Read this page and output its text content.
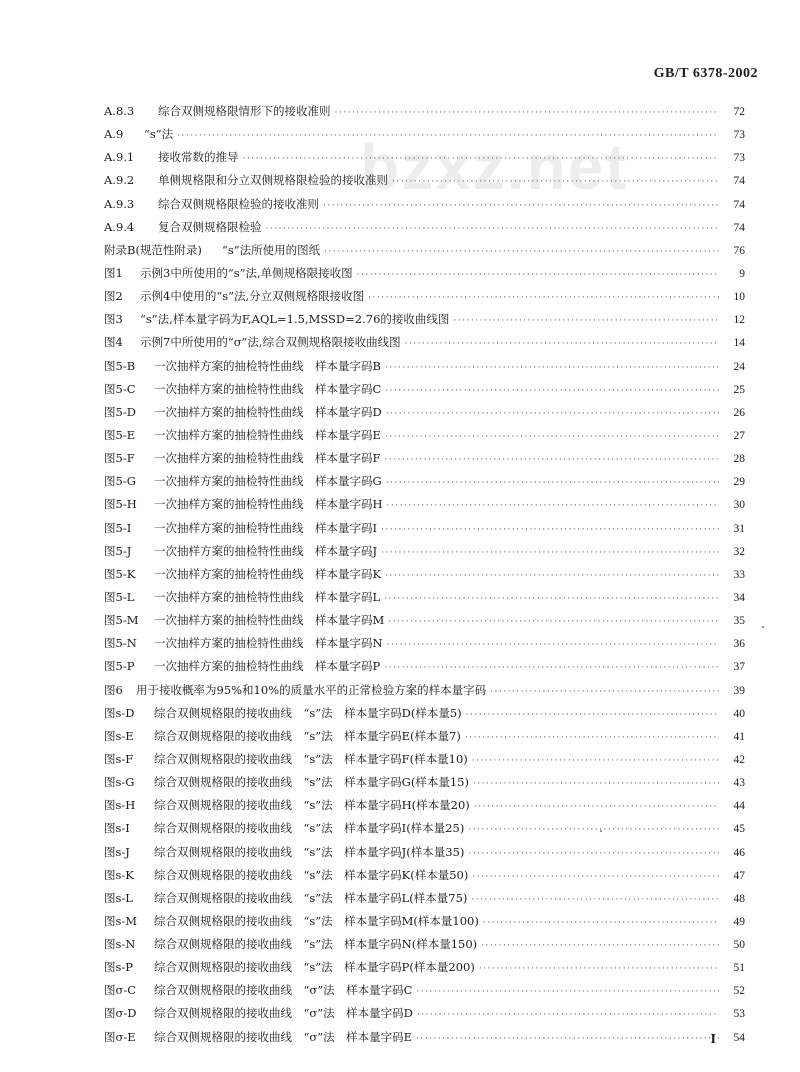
bzxz.net
GB/T 6378-2002
A.8.3	综合双侧规格限情形下的接收准则 ·····	72
A.9	“s”法 ·····	73
A.9.1	接收常数的推导 ·····	73
A.9.2	单侧规格限和分立双侧规格限检验的接收准则 ·····	74
A.9.3	综合双侧规格限检验的接收准则 ·····	74
A.9.4	复合双侧规格限检验 ·····	74
附录B(规范性附录)	“s”法所使用的图纸 ·····	76
图1	示例3中所使用的“s”法,单侧规格限接收图 ·····	9
图2	示例4中使用的“s”法,分立双侧规格限接收图 ·····	10
图3	“s”法,样本量字码为F,AQL=1.5,MSSD=2.76的接收曲线图 ·····	12
图4	示例7中所使用的“σ”法,综合双侧规格限接收曲线图 ·····	14
图5-B	一次抽样方案的抽检特性曲线　样本量字码B ·····	24
图5-C	一次抽样方案的抽检特性曲线　样本量字码C ·····	25
图5-D	一次抽样方案的抽检特性曲线　样本量字码D ·····	26
图5-E	一次抽样方案的抽检特性曲线　样本量字码E ·····	27
图5-F	一次抽样方案的抽检特性曲线　样本量字码F ·····	28
图5-G	一次抽样方案的抽检特性曲线　样本量字码G ·····	29
图5-H	一次抽样方案的抽检特性曲线　样本量字码H ·····	30
图5-I	一次抽样方案的抽检特性曲线　样本量字码I ·····	31
图5-J	一次抽样方案的抽检特性曲线　样本量字码J ·····	32
图5-K	一次抽样方案的抽检特性曲线　样本量字码K ·····	33
图5-L	一次抽样方案的抽检特性曲线　样本量字码L ·····	34
图5-M	一次抽样方案的抽检特性曲线　样本量字码M ·····	35
图5-N	一次抽样方案的抽检特性曲线　样本量字码N ·····	36
图5-P	一次抽样方案的抽检特性曲线　样本量字码P ·····	37
图6	用于接收概率为95%和10%的质量水平的正常检验方案的样本量字码 ·····	39
图s-D	综合双侧规格限的接收曲线　“s”法　样本量字码D(样本量5) ·····	40
图s-E	综合双侧规格限的接收曲线　“s”法　样本量字码E(样本量7) ·····	41
图s-F	综合双侧规格限的接收曲线　“s”法　样本量字码F(样本量10) ·····	42
图s-G	综合双侧规格限的接收曲线　“s”法　样本量字码G(样本量15) ·····	43
图s-H	综合双侧规格限的接收曲线　“s”法　样本量字码H(样本量20) ·····	44
图s-I	综合双侧规格限的接收曲线　“s”法　样本量字码I(样本量25) ·····	45
图s-J	综合双侧规格限的接收曲线　“s”法　样本量字码J(样本量35) ·····	46
图s-K	综合双侧规格限的接收曲线　“s”法　样本量字码K(样本量50) ·····	47
图s-L	综合双侧规格限的接收曲线　“s”法　样本量字码L(样本量75) ·····	48
图s-M	综合双侧规格限的接收曲线　“s”法　样本量字码M(样本量100) ·····	49
图s-N	综合双侧规格限的接收曲线　“s”法　样本量字码N(样本量150) ·····	50
图s-P	综合双侧规格限的接收曲线　“s”法　样本量字码P(样本量200) ·····	51
图σ-C	综合双侧规格限的接收曲线　“σ”法　样本量字码C ·····	52
图σ-D	综合双侧规格限的接收曲线　“σ”法　样本量字码D ·····	53
图σ-E	综合双侧规格限的接收曲线　“σ”法　样本量字码E ·····	54
I
